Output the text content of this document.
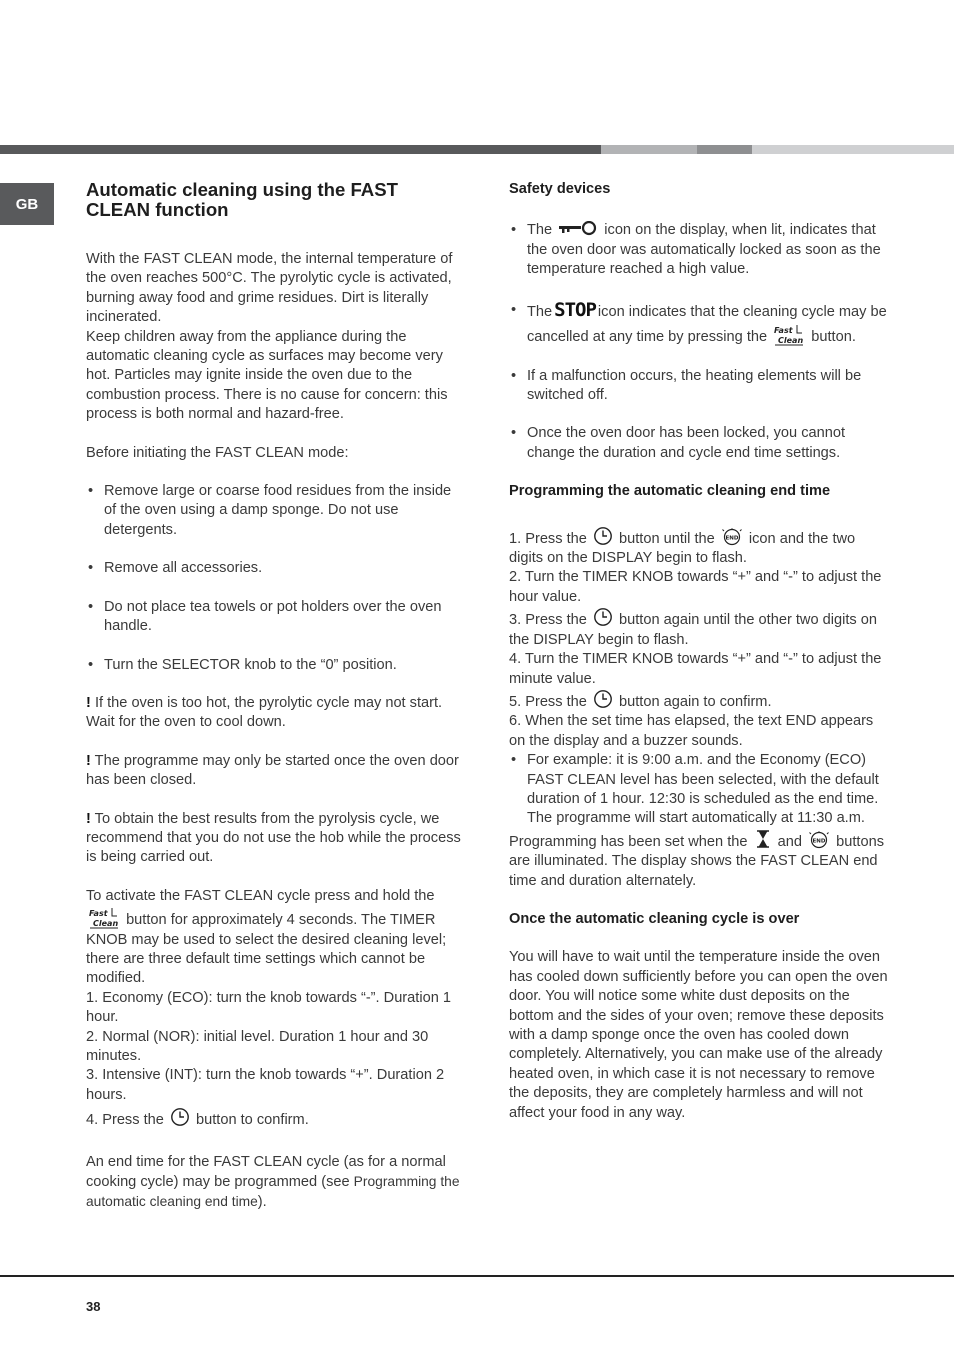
GB
Automatic cleaning using the FAST CLEAN function

With the FAST CLEAN mode, the internal temperature of the oven reaches 500°C. The pyrolytic cycle is activated, burning away food and grime residues. Dirt is literally incinerated.

Keep children away from the appliance during the automatic cleaning cycle as surfaces may become very hot. Particles may ignite inside the oven due to the combustion process. There is no cause for concern: this process is both normal and hazard-free.

Before initiating the FAST CLEAN mode:

• Remove large or coarse food residues from the inside of the oven using a damp sponge. Do not use detergents.

• Remove all accessories.

• Do not place tea towels or pot holders over the oven handle.

• Turn the SELECTOR knob to the “0” position.

! If the oven is too hot, the pyrolytic cycle may not start. Wait for the oven to cool down.

! The programme may only be started once the oven door has been closed.

! To obtain the best results from the pyrolysis cycle, we recommend that you do not use the hob while the process is being carried out.

To activate the FAST CLEAN cycle press and hold the

Fast
Clean button for approximately 4 seconds. The TIMER KNOB may be used to select the desired cleaning level; there are three default time settings which cannot be modified.

1. Economy (ECO): turn the knob towards “-”. Duration 1 hour.

2. Normal (NOR): initial level. Duration 1 hour and 30 minutes.

3. Intensive (INT): turn the knob towards “+”. Duration 2 hours.

4. Press the button to confirm.

An end time for the FAST CLEAN cycle (as for a normal cooking cycle) may be programmed (see Programming the automatic cleaning end time).

Safety devices

• The	icon on the display, when lit, indicates that the oven door was automatically locked as soon as the temperature reached a high value.

• The STOP icon indicates that the cleaning cycle may be cancelled at any time by pressing the Fast
Clean button.

• If a malfunction occurs, the heating elements will be switched off.

• Once the oven door has been locked, you cannot change the duration and cycle end time settings.

Programming the automatic cleaning end time

1. Press the button until the END icon and the two digits on the DISPLAY begin to flash.

2. Turn the TIMER KNOB towards “+” and “-” to adjust the hour value.

3. Press the button again until the other two digits on the DISPLAY begin to flash.

4. Turn the TIMER KNOB towards “+” and “-” to adjust the minute value.

5. Press the button again to confirm.

6. When the set time has elapsed, the text END appears on the display and a buzzer sounds.

• For example: it is 9:00 a.m. and the Economy (ECO) FAST CLEAN level has been selected, with the default duration of 1 hour. 12:30 is scheduled as the end time. The programme will start automatically at 11:30 a.m.

Programming has been set when the and END buttons are illuminated. The display shows the FAST CLEAN end time and duration alternately.

Once the automatic cleaning cycle is over

You will have to wait until the temperature inside the oven has cooled down sufficiently before you can open the oven door. You will notice some white dust deposits on the bottom and the sides of your oven; remove these deposits with a damp sponge once the oven has cooled down completely. Alternatively, you can make use of the already heated oven, in which case it is not necessary to remove the deposits, they are completely harmless and will not affect your food in any way.

38
